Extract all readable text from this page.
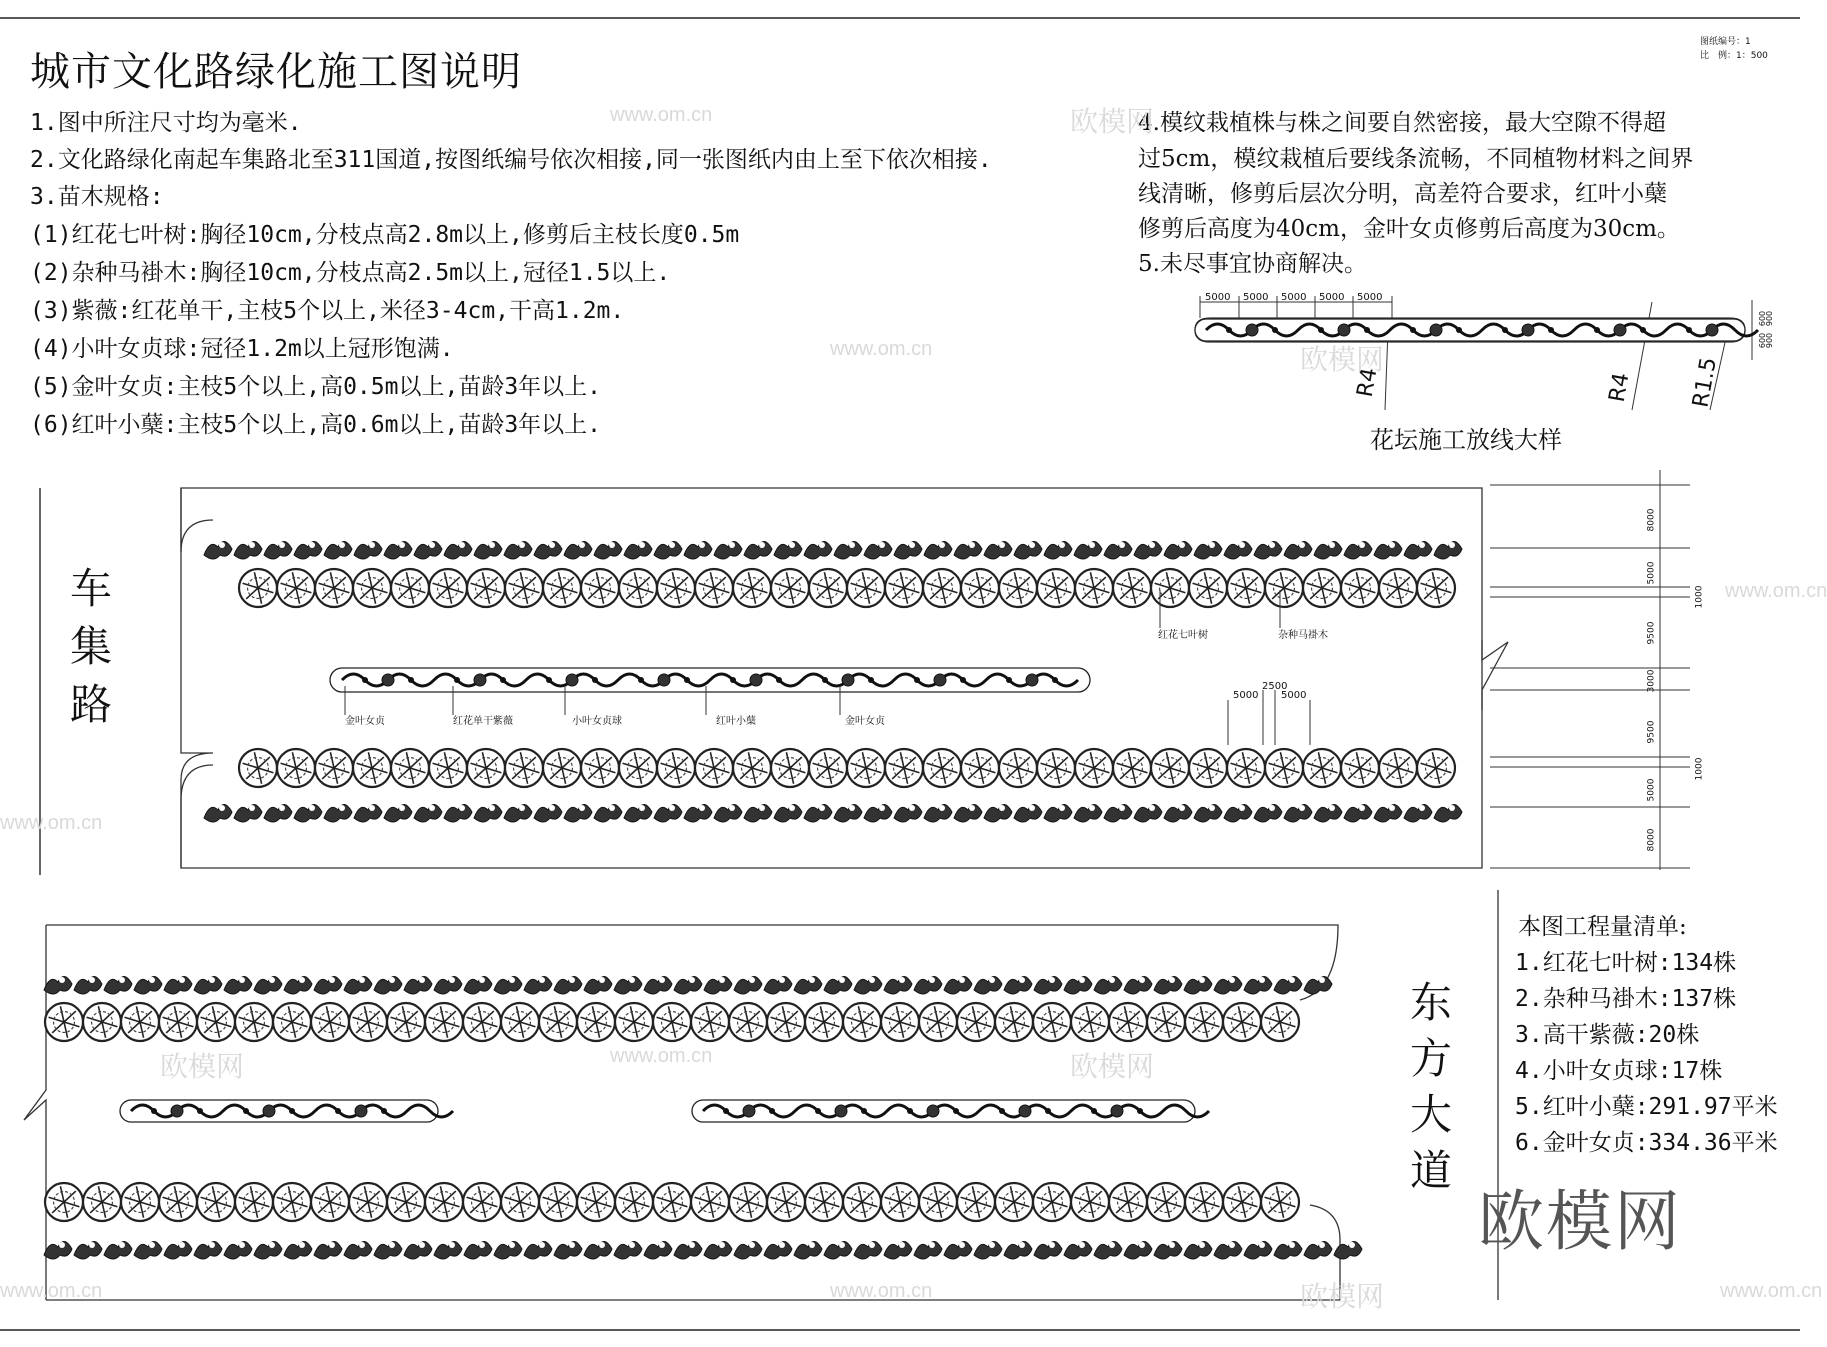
城市文化路绿化施工图说明
图纸编号：1
比　例：1：500
1.图中所注尺寸均为毫米.
2.文化路绿化南起车集路北至311国道,按图纸编号依次相接,同一张图纸内由上至下依次相接.
3.苗木规格:
(1)红花七叶树:胸径10cm,分枝点高2.8m以上,修剪后主枝长度0.5m
(2)杂种马褂木:胸径10cm,分枝点高2.5m以上,冠径1.5以上.
(3)紫薇:红花单干,主枝5个以上,米径3-4cm,干高1.2m.
(4)小叶女贞球:冠径1.2m以上冠形饱满.
(5)金叶女贞:主枝5个以上,高0.5m以上,苗龄3年以上.
(6)红叶小蘖:主枝5个以上,高0.6m以上,苗龄3年以上.
4.模纹栽植株与株之间要自然密接，最大空隙不得超
过5cm，模纹栽植后要线条流畅，不同植物材料之间界
线清晰，修剪后层次分明，高差符合要求，红叶小蘖
修剪后高度为40cm，金叶女贞修剪后高度为30cm。
5.未尽事宜协商解决。
5000 5000 5000 5000 5000
R4	R4 R1.5
600
900
600
900
花坛施工放线大样
车
集
路
东
方
大
道
红花七叶树	杂种马褂木
金叶女贞	红花单干紫薇	小叶女贞球	红叶小蘖	金叶女贞
5000
2500
5000
8000
5000
1000
9500
3000
9500
1000
5000
8000
本图工程量清单:
1.红花七叶树:134株
2.杂种马褂木:137株
3.高干紫薇:20株
4.小叶女贞球:17株
5.红叶小蘖:291.97平米
6.金叶女贞:334.36平米
www.om.cn	欧模网
www.om.cn	欧模网
www.om.cn
www.om.cn
欧模网	www.om.cn	欧模网
www.om.cn	www.om.cn	欧模网	www.om.cn
欧模网
